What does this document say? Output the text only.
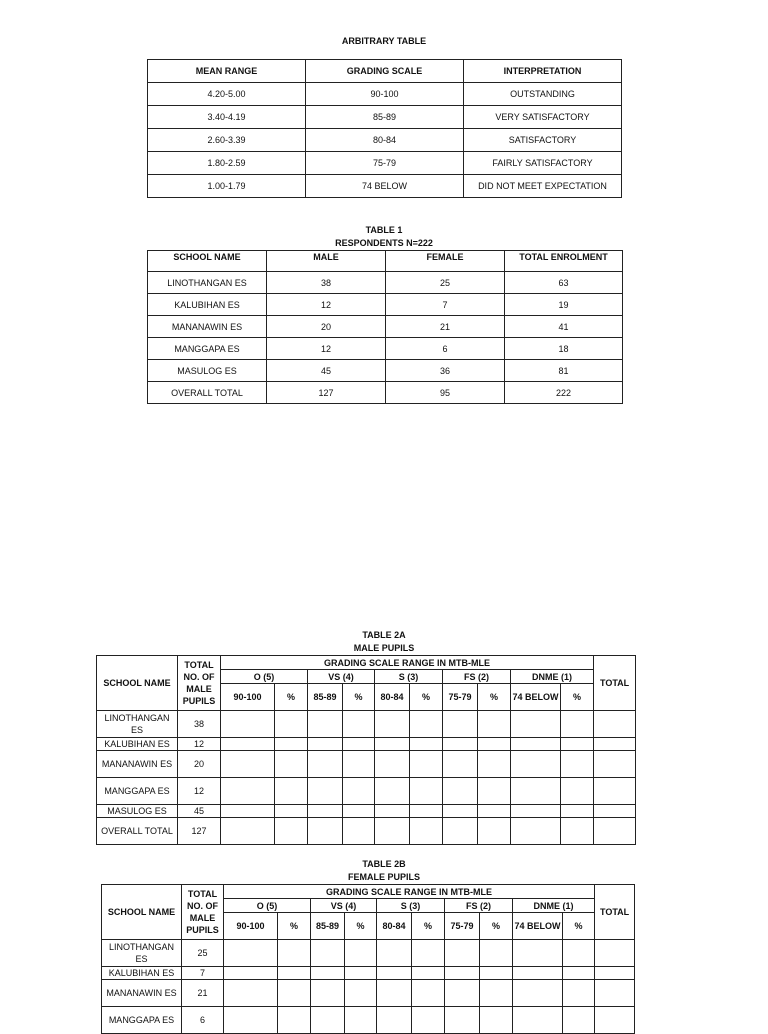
ARBITRARY TABLE
MEAN RANGE	GRADING SCALE	INTERPRETATION
4.20-5.00	90-100	OUTSTANDING
3.40-4.19	85-89	VERY SATISFACTORY
2.60-3.39	80-84	SATISFACTORY
1.80-2.59	75-79	FAIRLY SATISFACTORY
1.00-1.79	74 BELOW	DID NOT MEET EXPECTATION
TABLE 1
RESPONDENTS N=222
SCHOOL NAME	MALE	FEMALE	TOTAL ENROLMENT
LINOTHANGAN ES	38	25	63
KALUBIHAN ES	12	7	19
MANANAWIN ES	20	21	41
MANGGAPA ES	12	6	18
MASULOG ES	45	36	81
OVERALL TOTAL	127	95	222
TABLE 2A
MALE PUPILS
SCHOOL NAME	TOTAL NO. OF MALE PUPILS	GRADING SCALE RANGE IN MTB-MLE										TOTAL
		O (5)		VS (4)		S (3)		FS (2)		DNME (1)		
		90-100	%	85-89	%	80-84	%	75-79	%	74 BELOW	%	
LINOTHANGAN ES	38											
KALUBIHAN ES	12											
MANANAWIN ES	20											
MANGGAPA ES	12											
MASULOG ES	45											
OVERALL TOTAL	127											
TABLE 2B
FEMALE PUPILS
SCHOOL NAME	TOTAL NO. OF MALE PUPILS	GRADING SCALE RANGE IN MTB-MLE										TOTAL
		O (5)		VS (4)		S (3)		FS (2)		DNME (1)		
		90-100	%	85-89	%	80-84	%	75-79	%	74 BELOW	%	
LINOTHANGAN ES	25											
KALUBIHAN ES	7											
MANANAWIN ES	21											
MANGGAPA ES	6											
